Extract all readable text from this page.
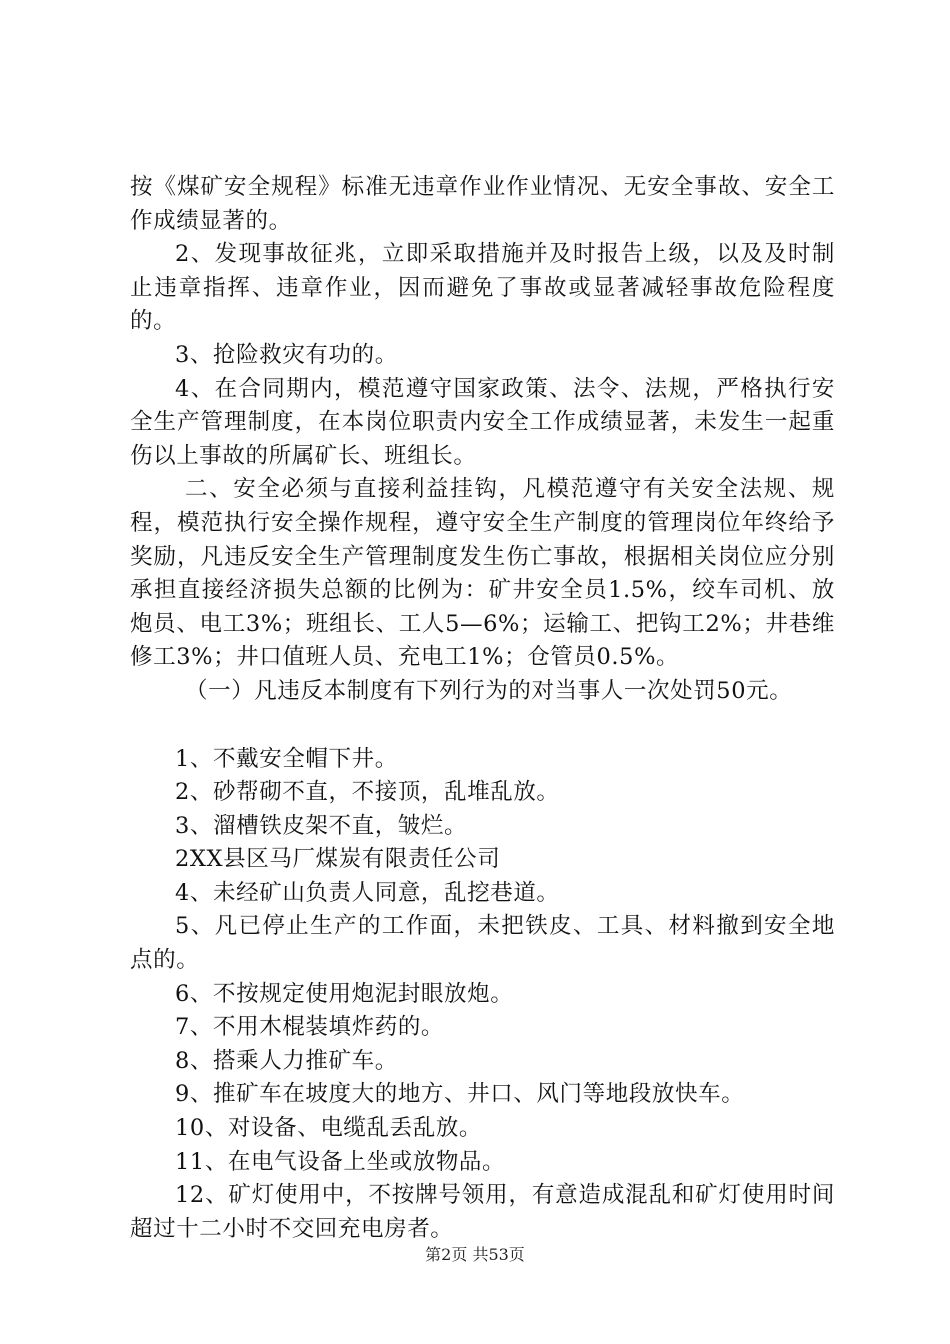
按《煤矿安全规程》标准无违章作业作业情况、无安全事故、安全工作成绩显著的。

2、发现事故征兆，立即采取措施并及时报告上级，以及及时制止违章指挥、违章作业，因而避免了事故或显著减轻事故危险程度的。

3、抢险救灾有功的。

4、在合同期内，模范遵守国家政策、法令、法规，严格执行安全生产管理制度，在本岗位职责内安全工作成绩显著，未发生一起重伤以上事故的所属矿长、班组长。

二、安全必须与直接利益挂钩，凡模范遵守有关安全法规、规程，模范执行安全操作规程，遵守安全生产制度的管理岗位年终给予奖励，凡违反安全生产管理制度发生伤亡事故，根据相关岗位应分别承担直接经济损失总额的比例为：矿井安全员1.5%，绞车司机、放炮员、电工3%；班组长、工人5—6%；运输工、把钩工2%；井巷维修工3%；井口值班人员、充电工1%；仓管员0.5%。

（一）凡违反本制度有下列行为的对当事人一次处罚50元。

1、不戴安全帽下井。

2、砂帮砌不直，不接顶，乱堆乱放。

3、溜槽铁皮架不直，皱烂。

2XX县区马厂煤炭有限责任公司

4、未经矿山负责人同意，乱挖巷道。

5、凡已停止生产的工作面，未把铁皮、工具、材料撤到安全地点的。

6、不按规定使用炮泥封眼放炮。

7、不用木棍装填炸药的。

8、搭乘人力推矿车。

9、推矿车在坡度大的地方、井口、风门等地段放快车。

10、对设备、电缆乱丢乱放。

11、在电气设备上坐或放物品。

12、矿灯使用中，不按牌号领用，有意造成混乱和矿灯使用时间超过十二小时不交回充电房者。

第2页 共53页
